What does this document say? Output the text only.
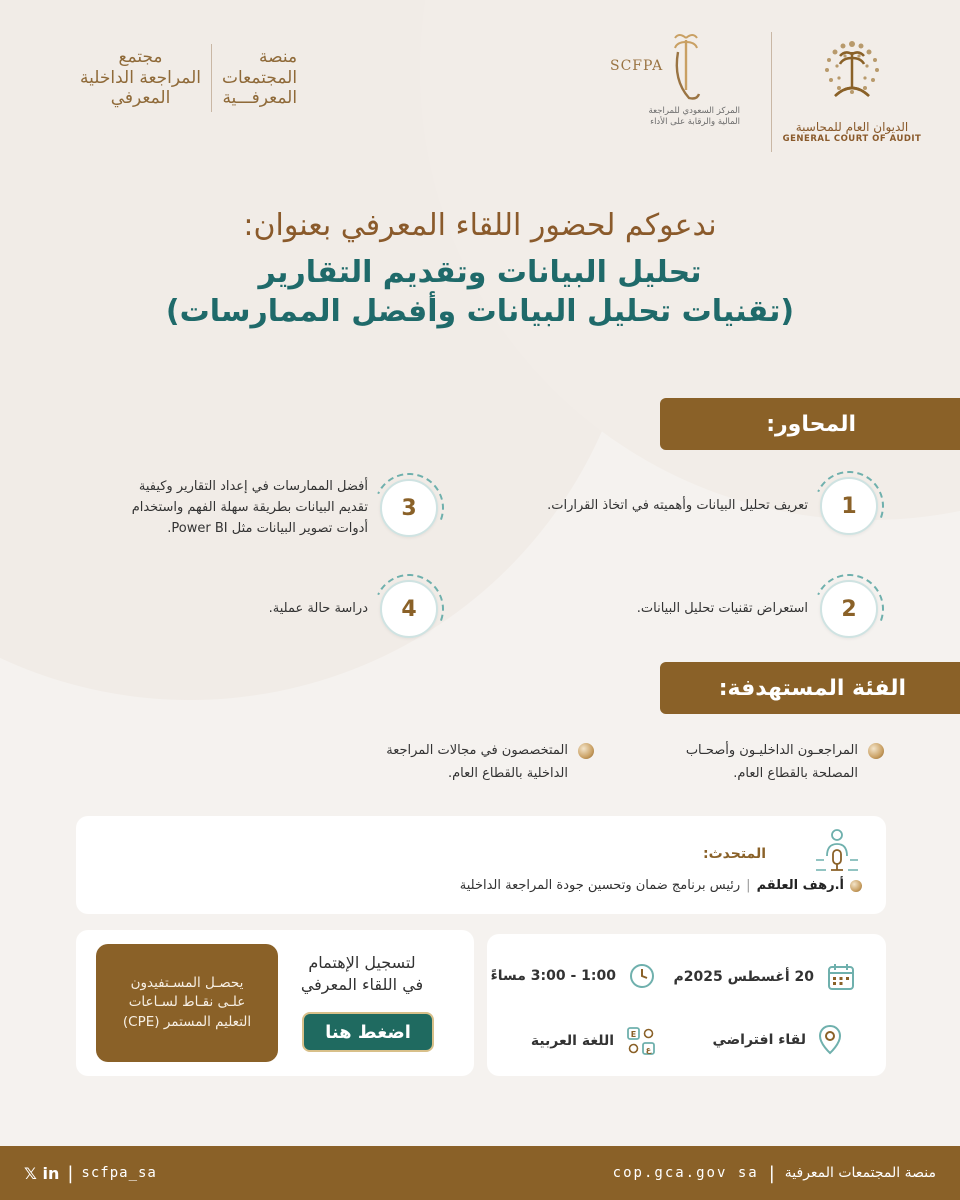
الديوان العام للمحاسبة
GENERAL COURT OF AUDIT
SCFPA
المركز السعودي للمراجعة
المالية والرقابة على الأداء
منصة
المجتمعات
المعرفـــية
مجتمع
المراجعة الداخلية
المعرفي
ندعوكم لحضور اللقاء المعرفي بعنوان:
تحليل البيانات وتقديم التقارير
(تقنيات تحليل البيانات وأفضل الممارسات)
المحاور:
1
تعريف تحليل البيانات وأهميته في اتخاذ القرارات.
2
استعراض تقنيات تحليل البيانات.
3
أفضل الممارسات في إعداد التقارير وكيفية
تقديم البيانات بطريقة سهلة الفهم واستخدام
أدوات تصوير البيانات مثل Power BI.
4
دراسة حالة عملية.
الفئة المستهدفة:
المراجعـون الداخليـون وأصحـاب
المصلحة بالقطاع العام.
المتخصصون في مجالات المراجعة
الداخلية بالقطاع العام.
المتحدث:
أ.رهف العلقم
|
رئيس برنامج ضمان وتحسين جودة المراجعة الداخلية
20 أغسطس 2025م
1:00 - 3:00 مساءً
لقاء افتراضي
E
ع
اللغة العربية
يحصـل المسـتفيدون
علـى نقـاط لسـاعات
التعليم المستمر (CPE)
لتسجيل الإهتمام
في اللقاء المعرفي
اضغط هنا
منصة المجتمعات المعرفية
|
cop.gca.gov sa
𝕏 in | scfpa_sa
